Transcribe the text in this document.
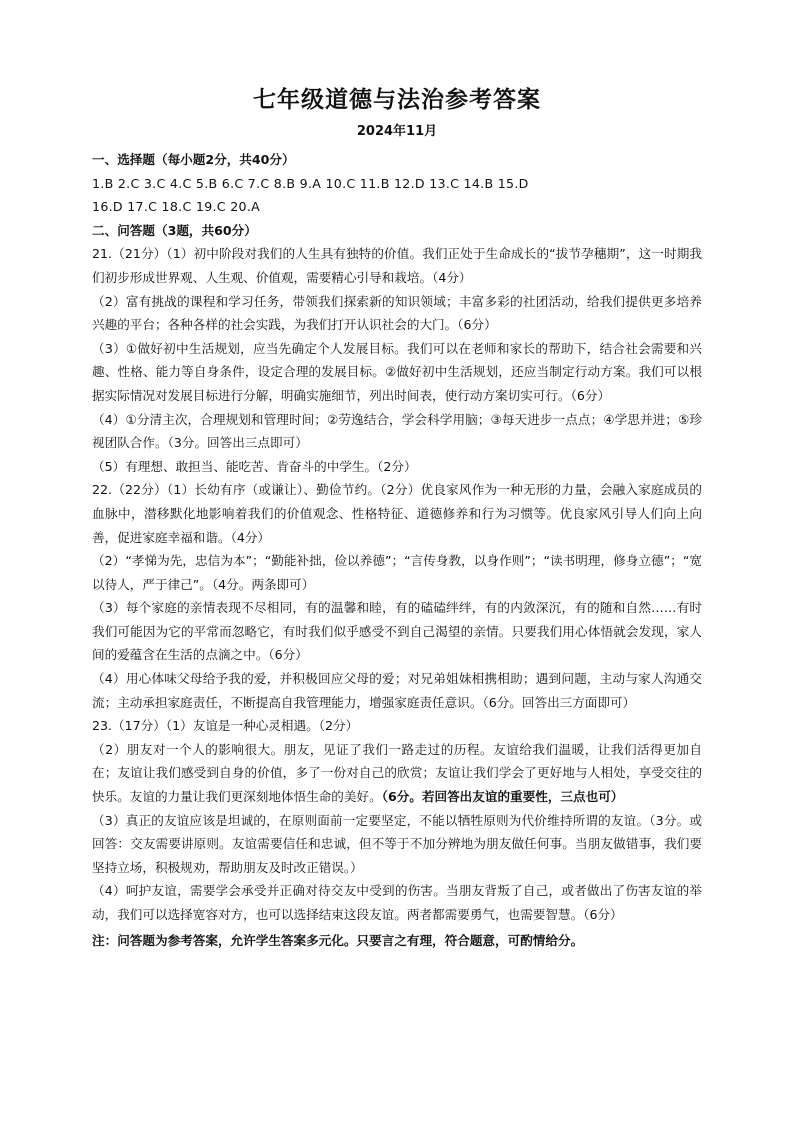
七年级道德与法治参考答案
2024年11月
一、选择题（每小题2分，共40分）
1.B 2.C 3.C 4.C 5.B 6.C 7.C 8.B 9.A 10.C 11.B 12.D 13.C 14.B 15.D
16.D 17.C 18.C 19.C 20.A
二、问答题（3题，共60分）
21.（21分）（1）初中阶段对我们的人生具有独特的价值。我们正处于生命成长的“拔节孕穗期”，这一时期我们初步形成世界观、人生观、价值观，需要精心引导和栽培。（4分）
（2）富有挑战的课程和学习任务，带领我们探索新的知识领域；丰富多彩的社团活动，给我们提供更多培养兴趣的平台；各种各样的社会实践，为我们打开认识社会的大门。（6分）
（3）①做好初中生活规划，应当先确定个人发展目标。我们可以在老师和家长的帮助下，结合社会需要和兴趣、性格、能力等自身条件，设定合理的发展目标。②做好初中生活规划，还应当制定行动方案。我们可以根据实际情况对发展目标进行分解，明确实施细节，列出时间表，使行动方案切实可行。（6分）
（4）①分清主次，合理规划和管理时间；②劳逸结合，学会科学用脑；③每天进步一点点；④学思并进；⑤珍视团队合作。（3分。回答出三点即可）
（5）有理想、敢担当、能吃苦、肯奋斗的中学生。（2分）
22.（22分）（1）长幼有序（或谦让）、勤俭节约。（2分）优良家风作为一种无形的力量，会融入家庭成员的血脉中，潜移默化地影响着我们的价值观念、性格特征、道德修养和行为习惯等。优良家风引导人们向上向善，促进家庭幸福和谐。（4分）
（2）“孝悌为先，忠信为本”；“勤能补拙，俭以养德”；“言传身教，以身作则”；“读书明理，修身立德”；“宽以待人，严于律己”。（4分。两条即可）
（3）每个家庭的亲情表现不尽相同，有的温馨和睦，有的磕磕绊绊，有的内敛深沉，有的随和自然……有时我们可能因为它的平常而忽略它，有时我们似乎感受不到自己渴望的亲情。只要我们用心体悟就会发现，家人间的爱蕴含在生活的点滴之中。（6分）
（4）用心体味父母给予我的爱，并积极回应父母的爱；对兄弟姐妹相携相助；遇到问题，主动与家人沟通交流；主动承担家庭责任，不断提高自我管理能力，增强家庭责任意识。（6分。回答出三方面即可）
23.（17分）（1）友谊是一种心灵相遇。（2分）
（2）朋友对一个人的影响很大。朋友，见证了我们一路走过的历程。友谊给我们温暖，让我们活得更加自在；友谊让我们感受到自身的价值，多了一份对自己的欣赏；友谊让我们学会了更好地与人相处，享受交往的快乐。友谊的力量让我们更深刻地体悟生命的美好。（6分。若回答出友谊的重要性，三点也可）
（3）真正的友谊应该是坦诚的，在原则面前一定要坚定，不能以牺牲原则为代价维持所谓的友谊。（3分。或回答：交友需要讲原则。友谊需要信任和忠诚，但不等于不加分辨地为朋友做任何事。当朋友做错事，我们要坚持立场，积极规劝，帮助朋友及时改正错误。）
（4）呵护友谊，需要学会承受并正确对待交友中受到的伤害。当朋友背叛了自己，或者做出了伤害友谊的举动，我们可以选择宽容对方，也可以选择结束这段友谊。两者都需要勇气，也需要智慧。（6分）
注：问答题为参考答案，允许学生答案多元化。只要言之有理，符合题意，可酌情给分。
